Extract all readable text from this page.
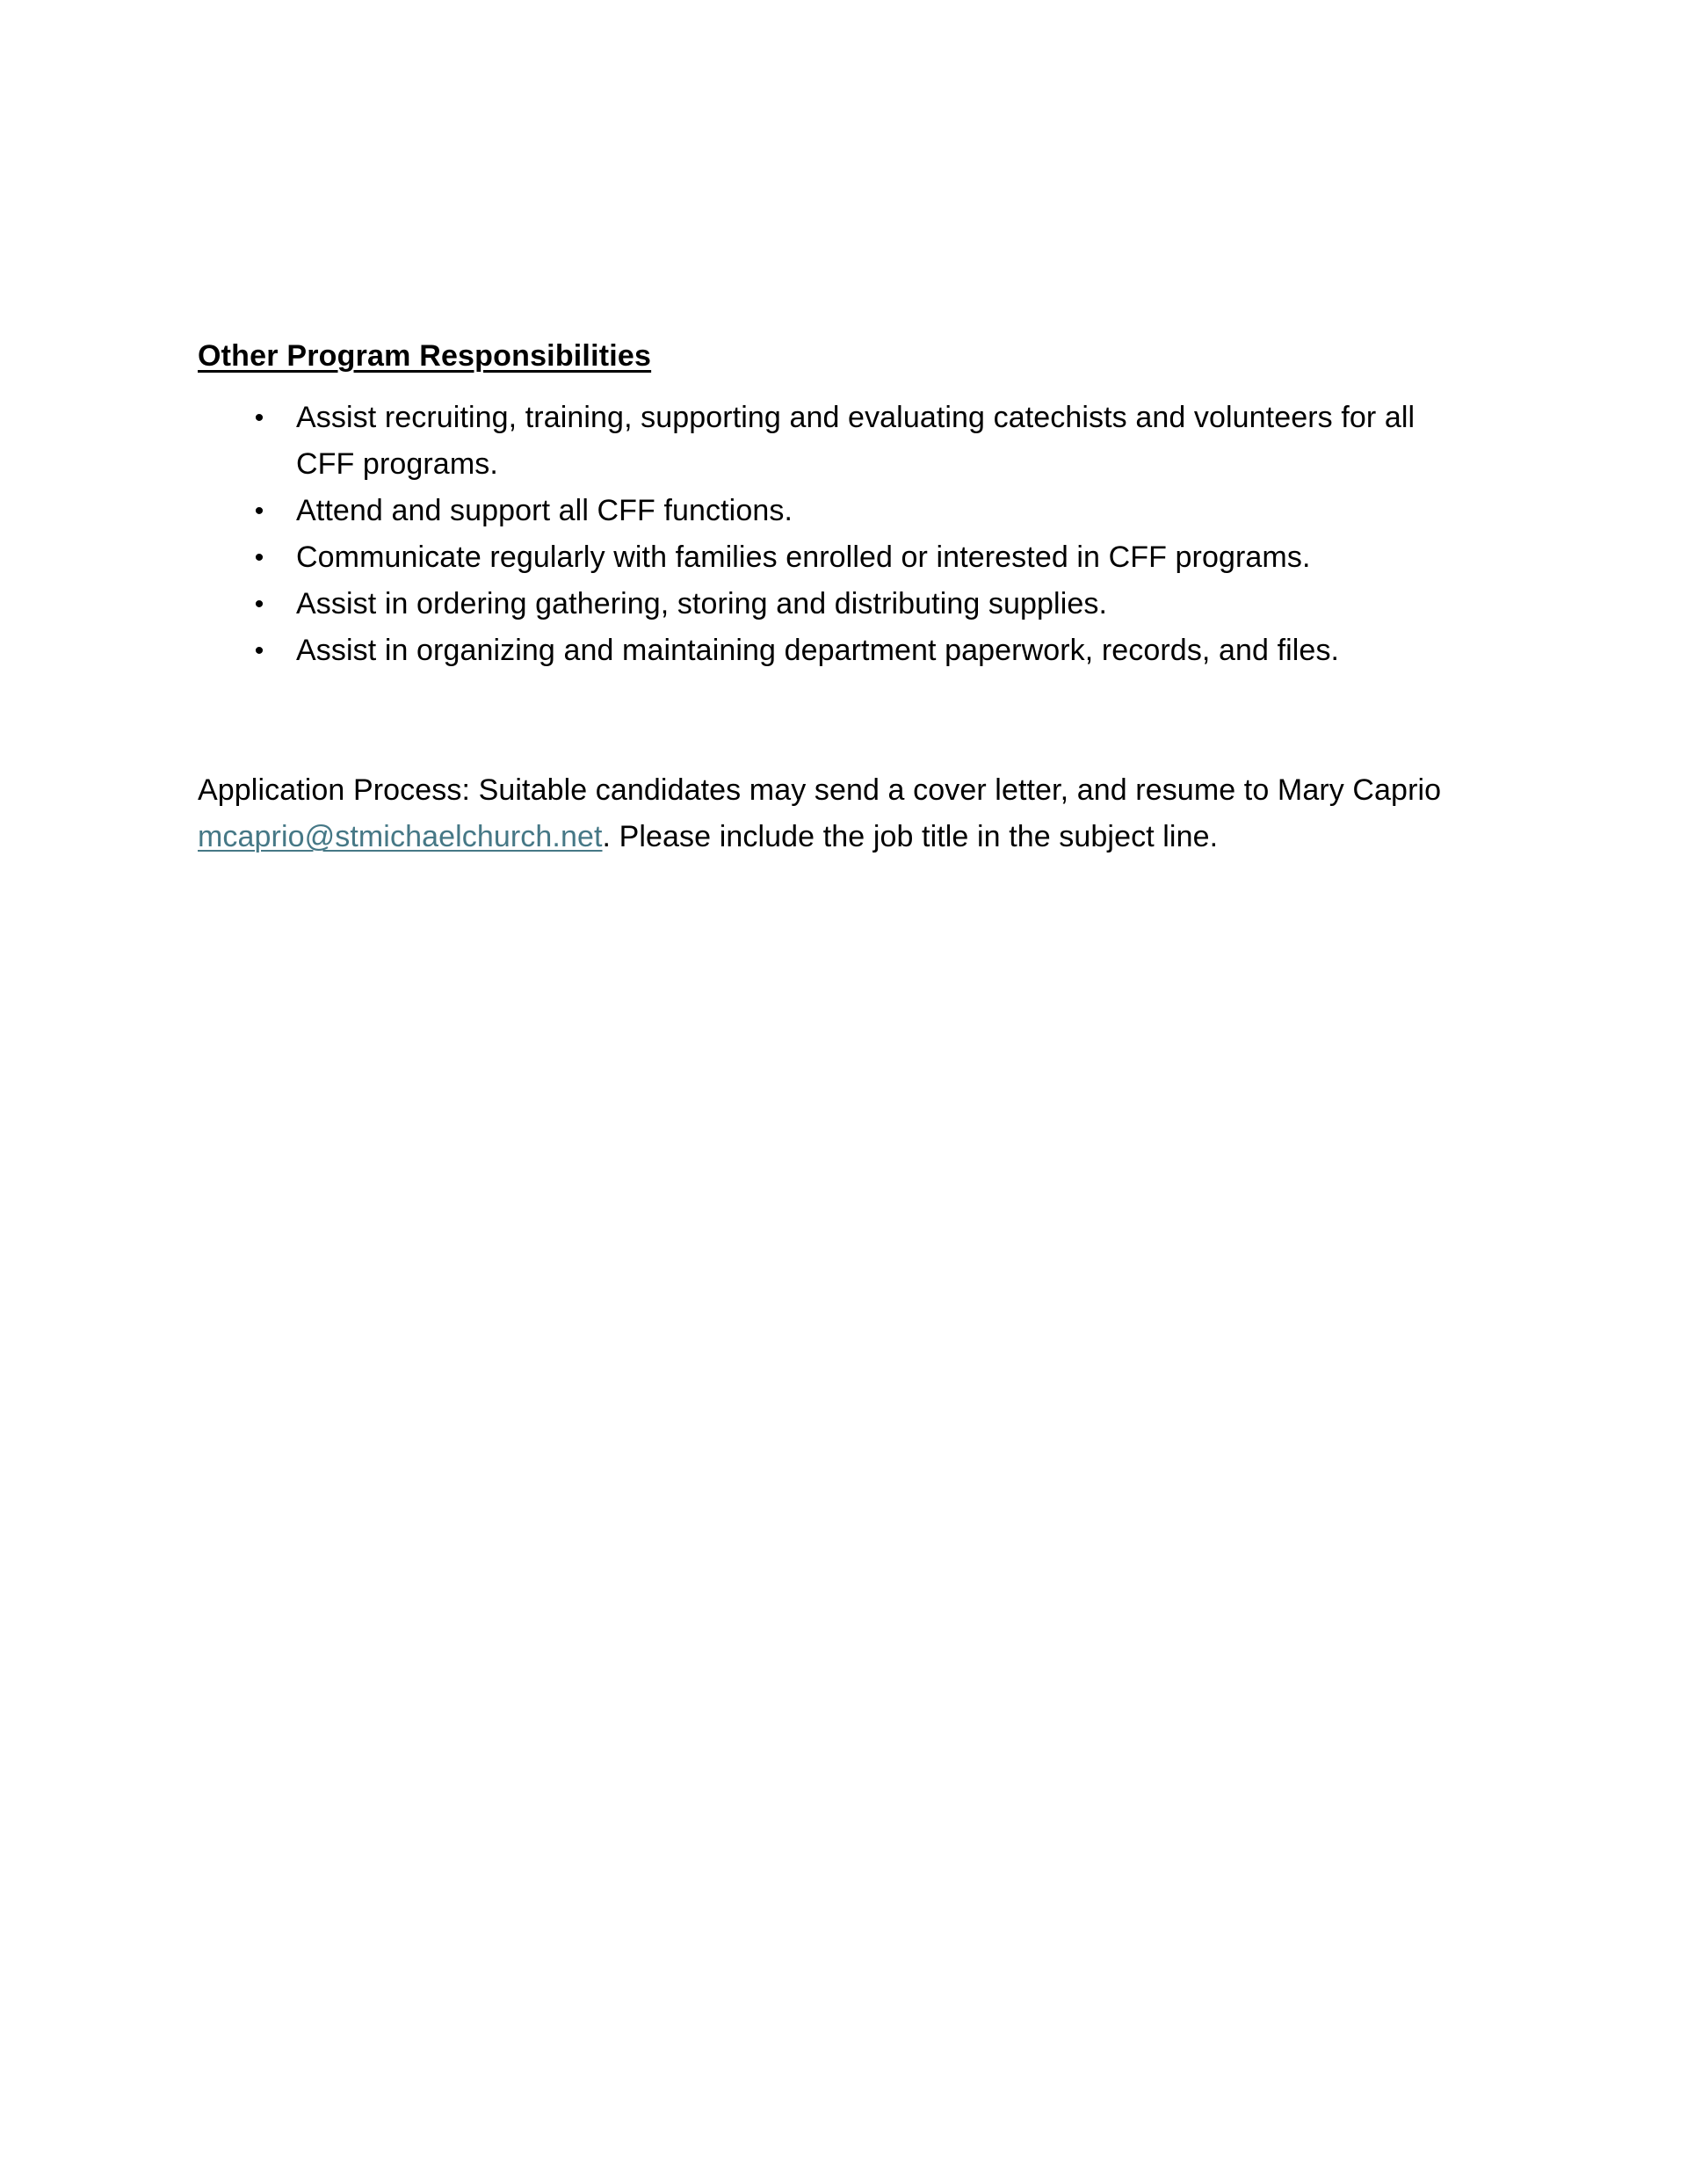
Other Program Responsibilities
• Assist recruiting, training, supporting and evaluating catechists and volunteers for all CFF programs.
• Attend and support all CFF functions.
• Communicate regularly with families enrolled or interested in CFF programs.
• Assist in ordering gathering, storing and distributing supplies.
• Assist in organizing and maintaining department paperwork, records, and files.

Application Process: Suitable candidates may send a cover letter, and resume to Mary Caprio mcaprio@stmichaelchurch.net. Please include the job title in the subject line.
